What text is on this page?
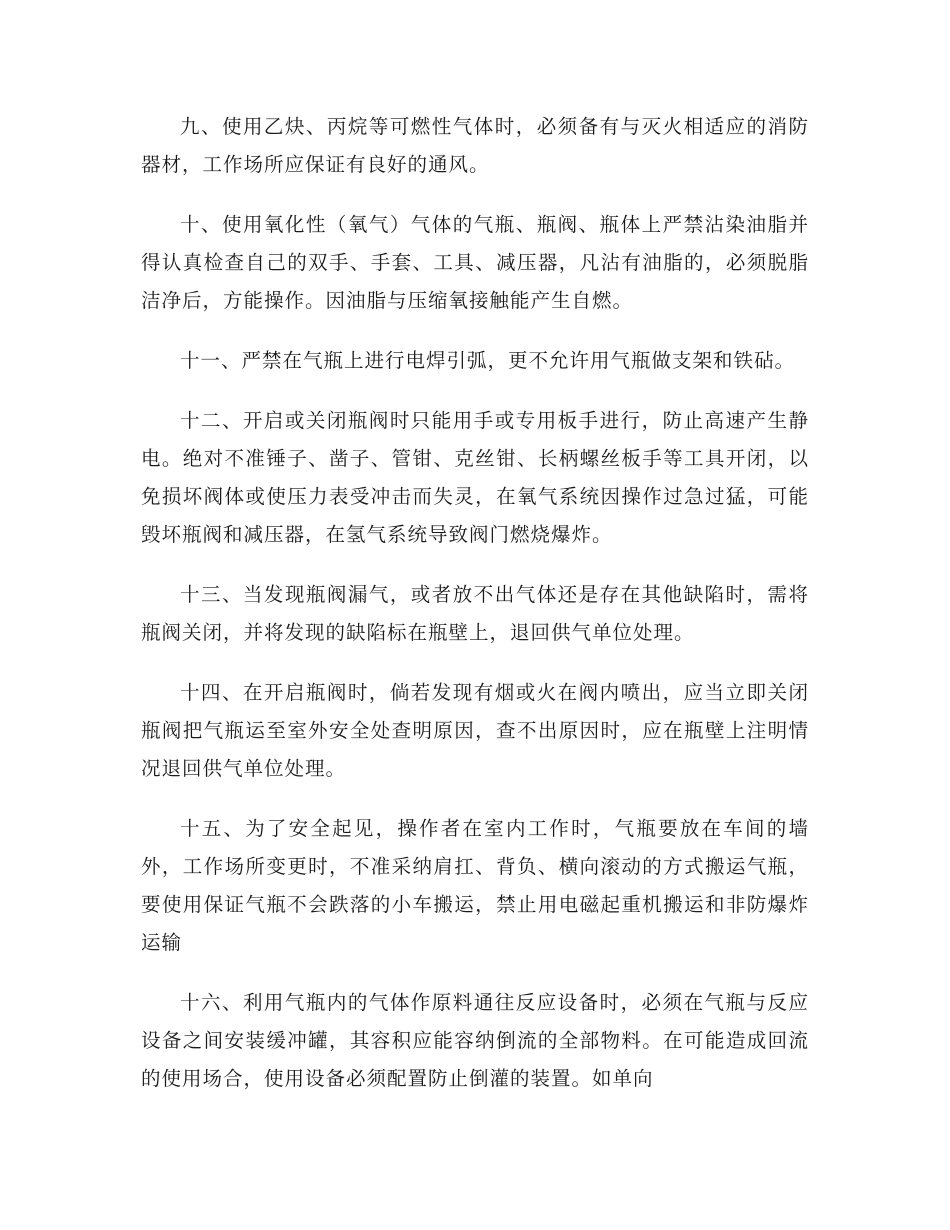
九、使用乙炔、丙烷等可燃性气体时，必须备有与灭火相适应的消防器材，工作场所应保证有良好的通风。

十、使用氧化性（氧气）气体的气瓶、瓶阀、瓶体上严禁沾染油脂并得认真检查自己的双手、手套、工具、减压器，凡沾有油脂的，必须脱脂洁净后，方能操作。因油脂与压缩氧接触能产生自燃。

十一、严禁在气瓶上进行电焊引弧，更不允许用气瓶做支架和铁砧。

十二、开启或关闭瓶阀时只能用手或专用板手进行，防止高速产生静电。绝对不准锤子、凿子、管钳、克丝钳、长柄螺丝板手等工具开闭，以免损坏阀体或使压力表受冲击而失灵，在氧气系统因操作过急过猛，可能毁坏瓶阀和减压器，在氢气系统导致阀门燃烧爆炸。

十三、当发现瓶阀漏气，或者放不出气体还是存在其他缺陷时，需将瓶阀关闭，并将发现的缺陷标在瓶壁上，退回供气单位处理。

十四、在开启瓶阀时，倘若发现有烟或火在阀内喷出，应当立即关闭瓶阀把气瓶运至室外安全处查明原因，查不出原因时，应在瓶壁上注明情况退回供气单位处理。

十五、为了安全起见，操作者在室内工作时，气瓶要放在车间的墙外，工作场所变更时，不准采纳肩扛、背负、横向滚动的方式搬运气瓶，要使用保证气瓶不会跌落的小车搬运，禁止用电磁起重机搬运和非防爆炸运输

十六、利用气瓶内的气体作原料通往反应设备时，必须在气瓶与反应设备之间安装缓冲罐，其容积应能容纳倒流的全部物料。在可能造成回流的使用场合，使用设备必须配置防止倒灌的装置。如单向
